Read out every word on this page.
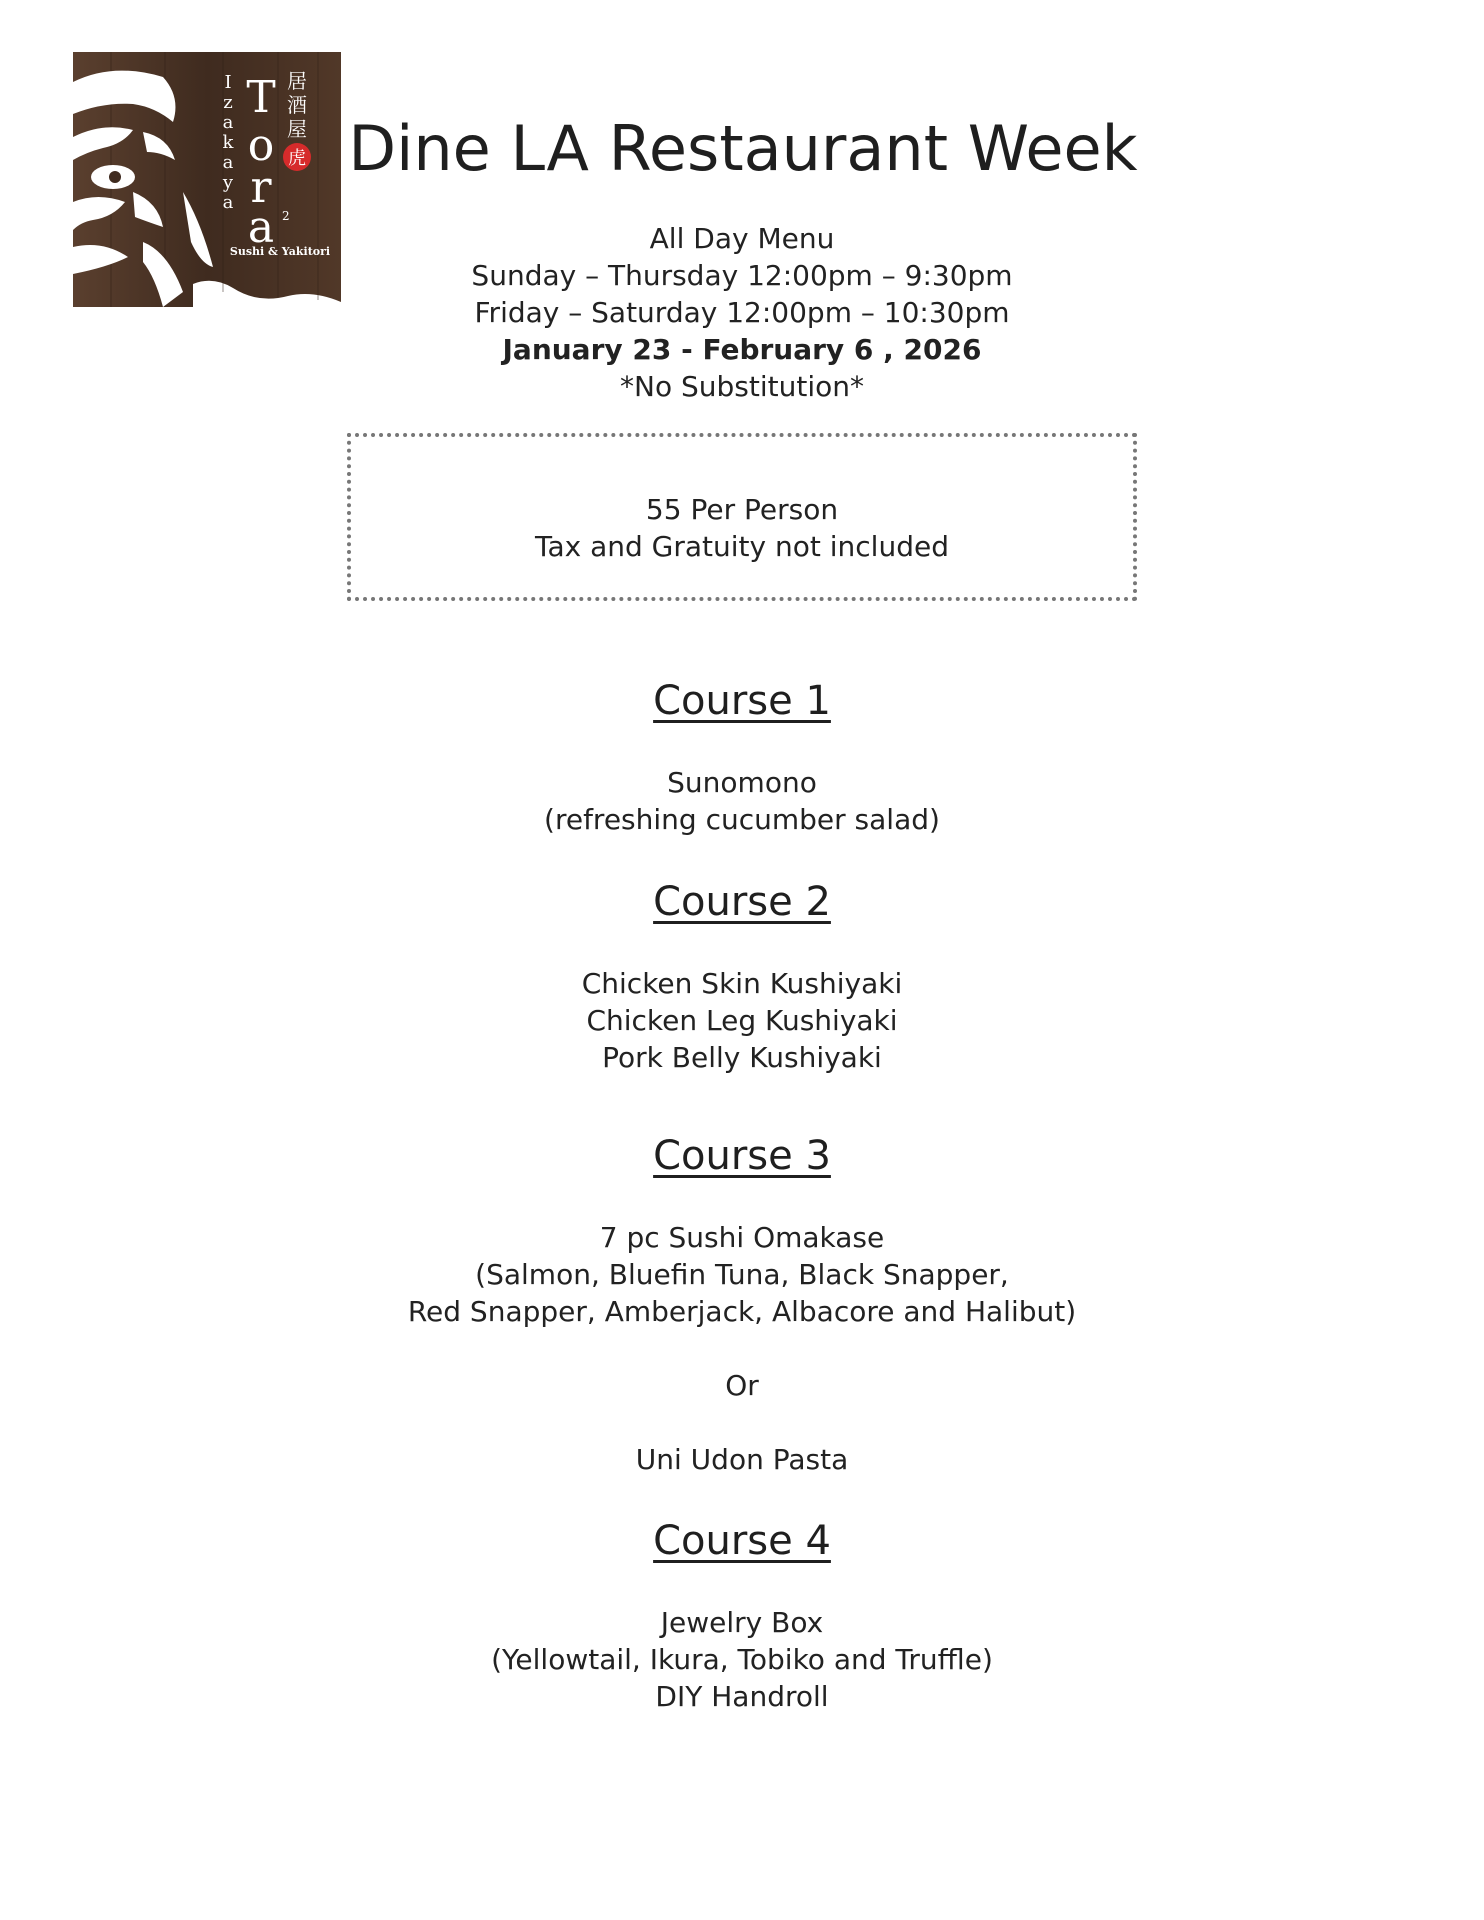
I
z
a
k
a
y
a
T
o
r
a 2
居
酒
屋
虎
Sushi & Yakitori
Dine LA Restaurant Week
All Day Menu
Sunday – Thursday 12:00pm – 9:30pm
Friday – Saturday 12:00pm – 10:30pm
January 23 - February 6 , 2026
*No Substitution*
55 Per Person
Tax and Gratuity not included
Course 1
Sunomono
(refreshing cucumber salad)
Course 2
Chicken Skin Kushiyaki
Chicken Leg Kushiyaki
Pork Belly Kushiyaki
Course 3
7 pc Sushi Omakase
(Salmon, Bluefin Tuna, Black Snapper,
Red Snapper, Amberjack, Albacore and Halibut)

Or

Uni Udon Pasta
Course 4
Jewelry Box
(Yellowtail, Ikura, Tobiko and Truffle)
DIY Handroll
